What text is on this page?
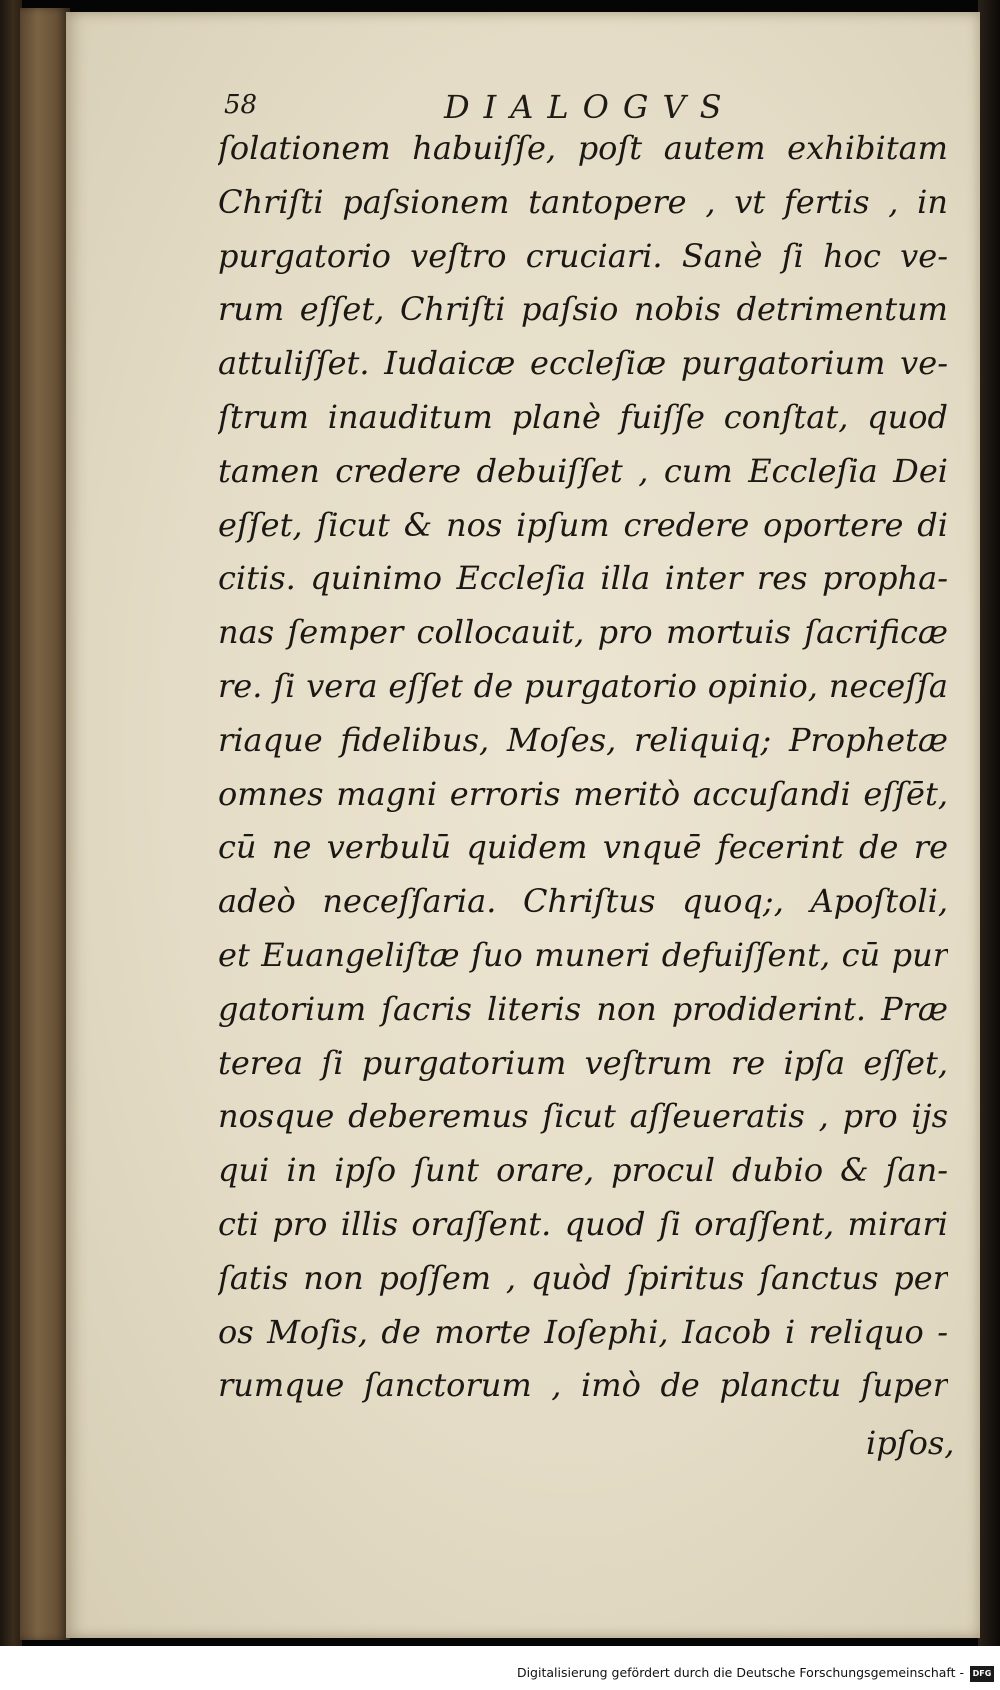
58	DIALOGVS
ſolationem habuiſſe, poſt autem exhibitam
Chriſti paſsionem tantopere , vt fertis , in
purgatorio veſtro cruciari. Sanè ſi hoc ve-
rum eſſet, Chriſti paſsio nobis detrimentum
attuliſſet. Iudaicæ eccleſiæ purgatorium ve-
ſtrum inauditum planè fuiſſe conſtat, quod
tamen credere debuiſſet , cum Eccleſia Dei
eſſet, ſicut & nos ipſum credere oportere di
citis. quinimo Eccleſia illa inter res propha-
nas ſemper collocauit, pro mortuis ſacrificæ
re. ſi vera eſſet de purgatorio opinio, neceſſa
riaque fidelibus, Moſes, reliquiq; Prophetæ
omnes magni erroris meritò accuſandi eſſēt,
cū ne verbulū quidem vnquē fecerint de re
adeò neceſſaria. Chriſtus quoq;, Apoſtoli,
et Euangeliſtæ ſuo muneri defuiſſent, cū pur
gatorium ſacris literis non prodiderint. Præ
terea ſi purgatorium veſtrum re ipſa eſſet,
nosque deberemus ſicut aſſeueratis , pro ijs
qui in ipſo ſunt orare, procul dubio & ſan-
cti pro illis oraſſent. quod ſi oraſſent, mirari
ſatis non poſſem , quòd ſpiritus ſanctus per
os Moſis, de morte Ioſephi, Iacob i reliquo -
rumque ſanctorum , imò de planctu ſuper
ipſos,
Digitalisierung gefördert durch die Deutsche Forschungsgemeinschaft -	DFG
